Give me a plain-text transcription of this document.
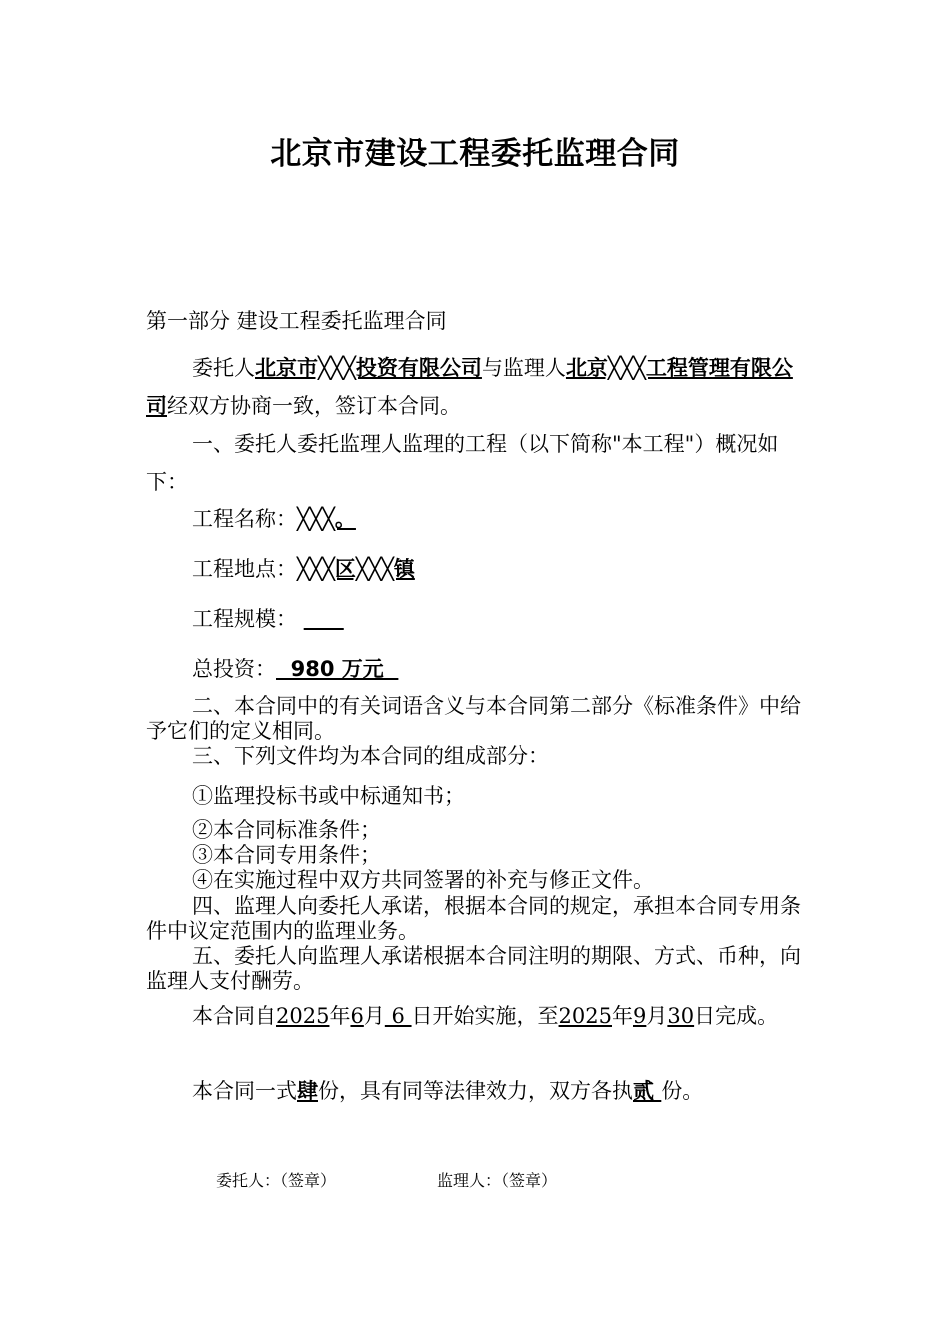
北京市建设工程委托监理合同
第一部分 建设工程委托监理合同
委托人北京市╳╳╳投资有限公司与监理人北京╳╳╳工程管理有限公司经双方协商一致，签订本合同。
一、委托人委托监理人监理的工程（以下简称"本工程"）概况如下：
工程名称：╳╳╳。
工程地点：╳╳╳区╳╳╳镇
工程规模：
总投资：  980 万元
二、本合同中的有关词语含义与本合同第二部分《标准条件》中给予它们的定义相同。
三、下列文件均为本合同的组成部分：
①监理投标书或中标通知书；
②本合同标准条件；
③本合同专用条件；
④在实施过程中双方共同签署的补充与修正文件。
四、监理人向委托人承诺，根据本合同的规定，承担本合同专用条件中议定范围内的监理业务。
五、委托人向监理人承诺根据本合同注明的期限、方式、币种，向监理人支付酬劳。
本合同自2025年6月 6 日开始实施，至2025年9月30日完成。
本合同一式肆份，具有同等法律效力，双方各执贰 份。
委托人：（签章）	监理人：（签章）
